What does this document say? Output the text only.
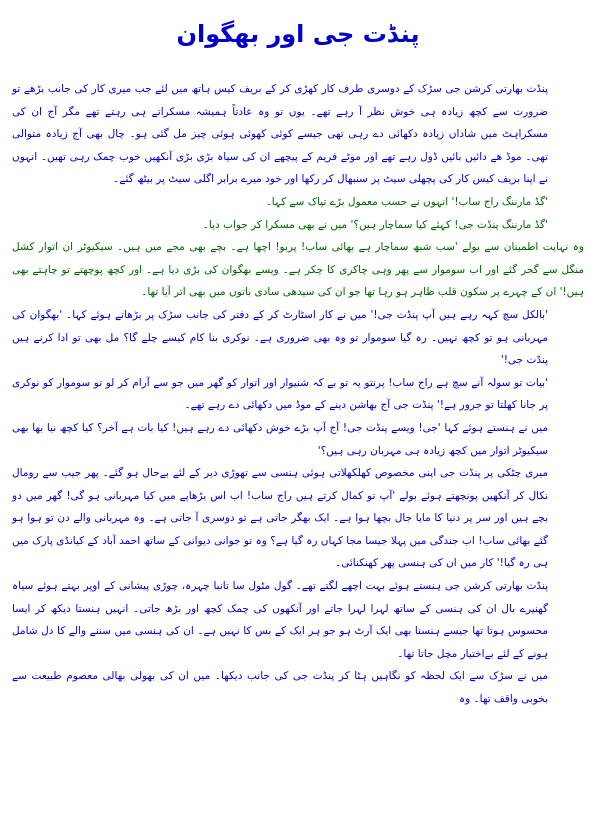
پنڈت جی اور بھگوان

پنڈت بھارتی کرشن جی سڑک کے دوسری طرف کار کھڑی کر کے بریف کیس ہاتھ میں لئے جب میری کار کی جانب بڑھے تو ضرورت سے کچھ زیادہ ہی خوش نظر آ رہے تھے۔ یوں تو وہ عادتاً ہمیشہ مسکراتے ہی رہتے تھے مگر آج ان کی مسکراہٹ میں شاداں زیادہ دکھائی دے رہی تھی جیسے کوئی کھوئی ہوئی چیز مل گئی ہو۔ چال بھی آج زیادہ متوالی تھی۔ موڈ ھے دائیں بائیں ڈول رہے تھے اور موٹے فریم کے پیچھے ان کی سیاہ بڑی بڑی آنکھیں خوب چمک رہی تھیں۔ انہوں نے اپنا بریف کیس کار کی پچھلی سیٹ پر سنبھال کر رکھا اور خود میرے برابر اگلی سیٹ پر بیٹھ گئے۔

'گڈ مارننگ راج ساب!' انہوں نے حسب معمول بڑے تپاک سے کہا۔

'گڈ مارننگ پنڈت جی! کہئے کیا سماچار ہیں؟' میں نے بھی مسکرا کر جواب دیا۔

وہ نہایت اطمینان سے بولے 'سب شبھ سماچار ہے بھائی ساب! پربو! اچھا ہے۔ بچے بھی مجے میں ہیں۔ سیکیوٹر ان اتوار کشل منگل سے گجر گئے اور اب سوموار سے پھر وہی چاکری کا چکر ہے۔ ویسے بھگوان کی بڑی دیا ہے۔ اور کچھ پوچھتے تو چاہتے بھی ہیں!' ان کے چہرے پر سکون قلب ظاہر ہو رہا تھا جو ان کی سیدھی سادی باتوں میں بھی اتر آیا تھا۔

'بالکل سچ کہہ رہے ہیں آپ پنڈت جی!' میں نے کار اسٹارٹ کر کے دفتر کی جانب سڑک پر بڑھاتے ہوئے کہا۔ 'بھگوان کی مہربانی ہو تو کچھ نہیں۔ رہ گیا سوموار تو وہ بھی ضروری ہے۔ نوکری بنا کام کیسے چلے گا؟ مل بھی تو ادا کرنے ہیں پنڈت جی!'

'بیات تو سولہ آنے سچ ہے راج ساب! پرنتو یہ تو بے کہ شنیوار اور اتوار کو گھر میں جو سے آرام کر لو تو سوموار کو نوکری پر جانا کھلتا تو جرور ہے!' پنڈت جی آج بھاشن دینے کے موڈ میں دکھائی دے رہے تھے۔

میں نے ہنستے ہوئے کہا 'جی! ویسے پنڈت جی! آج آپ بڑے خوش دکھائی دے رہے ہیں! کیا بات ہے آخر؟ کیا کچھ نیا بھا بھی سیکیوٹر اتوار میں کچھ زیادہ ہی مہربان رہی ہیں؟'

میری چٹکی پر پنڈت جی اپنی مخصوص کھلکھلاتی ہوئی ہنسی سے تھوڑی دیر کے لئے بےحال ہو گئے۔ پھر جیب سے رومال نکال کر آنکھیں پونچھتے ہوئے بولے 'آپ تو کمال کرتے ہیں راج ساب! اب اس بڑھاپے میں کیا مہربانی ہو گی! گھر میں دو بچے ہیں اور سر پر دنیا کا مایا جال بچھا ہوا ہے۔ ایک بھگر جاتی ہے تو دوسری آ جاتی ہے۔ وہ مہربانی والے دن تو ہوا ہو گئے بھائی ساب! اب جندگی میں پہلا جیسا مجا کہاں رہ گیا ہے؟ وہ تو جوانی دیوانی کے ساتھ احمد آباد کے کیانڈی پارک میں ہی رہ گیا!' کار میں ان کی ہنسی پھر کھنکنائی۔

پنڈت بھارتی کرشن جی ہنستے ہوئے بہت اچھے لگتے تھے۔ گول مٹول سا تانبا چہرہ، چوڑی پیشانی کے اوپر بہتے ہوئے سیاہ گھنیرے بال ان کی ہنسی کے ساتھ لہرا لہرا جاتے اور آنکھوں کی چمک کچھ اور بڑھ جاتی۔ انہیں ہنستا دیکھ کر ایسا محسوس ہوتا تھا جیسے ہنسنا بھی ایک آرٹ ہو جو ہر ایک کے بس کا نہیں ہے۔ ان کی ہنسی میں سننے والے کا دل شامل ہونے کے لئے بےاختیار مچل جاتا تھا۔

میں نے سڑک سے ایک لحظہ کو نگاہیں ہٹا کر پنڈت جی کی جانب دیکھا۔ میں ان کی بھولی بھالی معصوم طبیعت سے بخوبی واقف تھا۔ وہ
